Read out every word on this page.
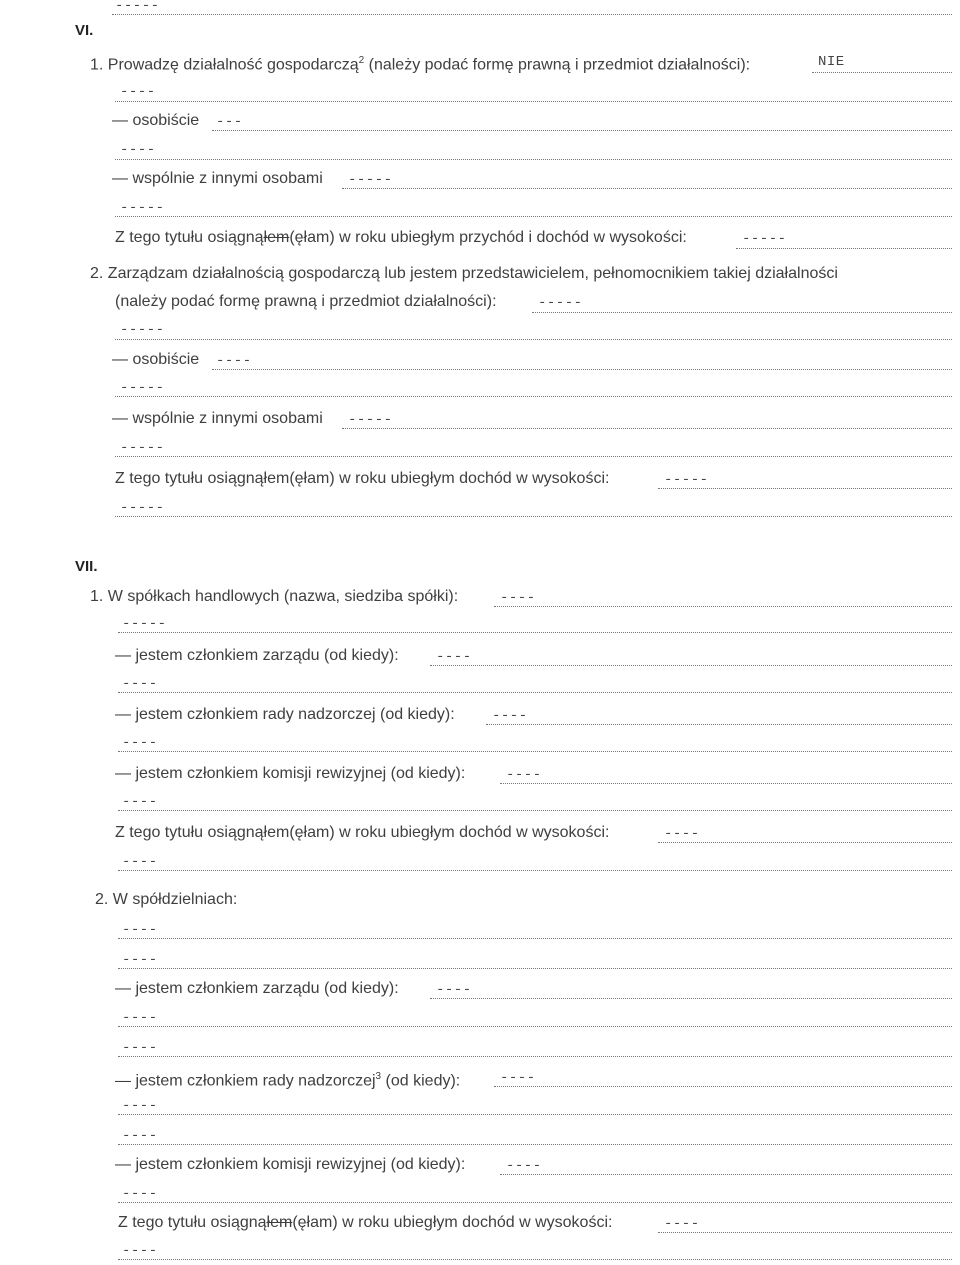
-----
VI.
1. Prowadzę działalność gospodarczą$^2$ (należy podać formę prawną i przedmiot działalności):	NIE
----
— osobiście ---
----
— wspólnie z innymi osobami -----
-----
Z tego tytułu osiągnąłem(ęłam) w roku ubiegłym przychód i dochód w wysokości:	-----
2. Zarządzam działalnością gospodarczą lub jestem przedstawicielem, pełnomocnikiem takiej działalności
(należy podać formę prawną i przedmiot działalności):	-----
-----
— osobiście ----
-----
— wspólnie z innymi osobami -----
-----
Z tego tytułu osiągnąłem(ęłam) w roku ubiegłym dochód w wysokości:	-----
-----
VII.
1. W spółkach handlowych (nazwa, siedziba spółki):	----
-----
— jestem członkiem zarządu (od kiedy):	----
----
— jestem członkiem rady nadzorczej (od kiedy):	----
----
— jestem członkiem komisji rewizyjnej (od kiedy):	----
----
Z tego tytułu osiągnąłem(ęłam) w roku ubiegłym dochód w wysokości:	----
----
2. W spółdzielniach:
----
----
— jestem członkiem zarządu (od kiedy):	----
----
----
— jestem członkiem rady nadzorczej$^3$ (od kiedy):	----
----
----
— jestem członkiem komisji rewizyjnej (od kiedy):	----
----
Z tego tytułu osiągnąłem(ęłam) w roku ubiegłym dochód w wysokości:	----
----
